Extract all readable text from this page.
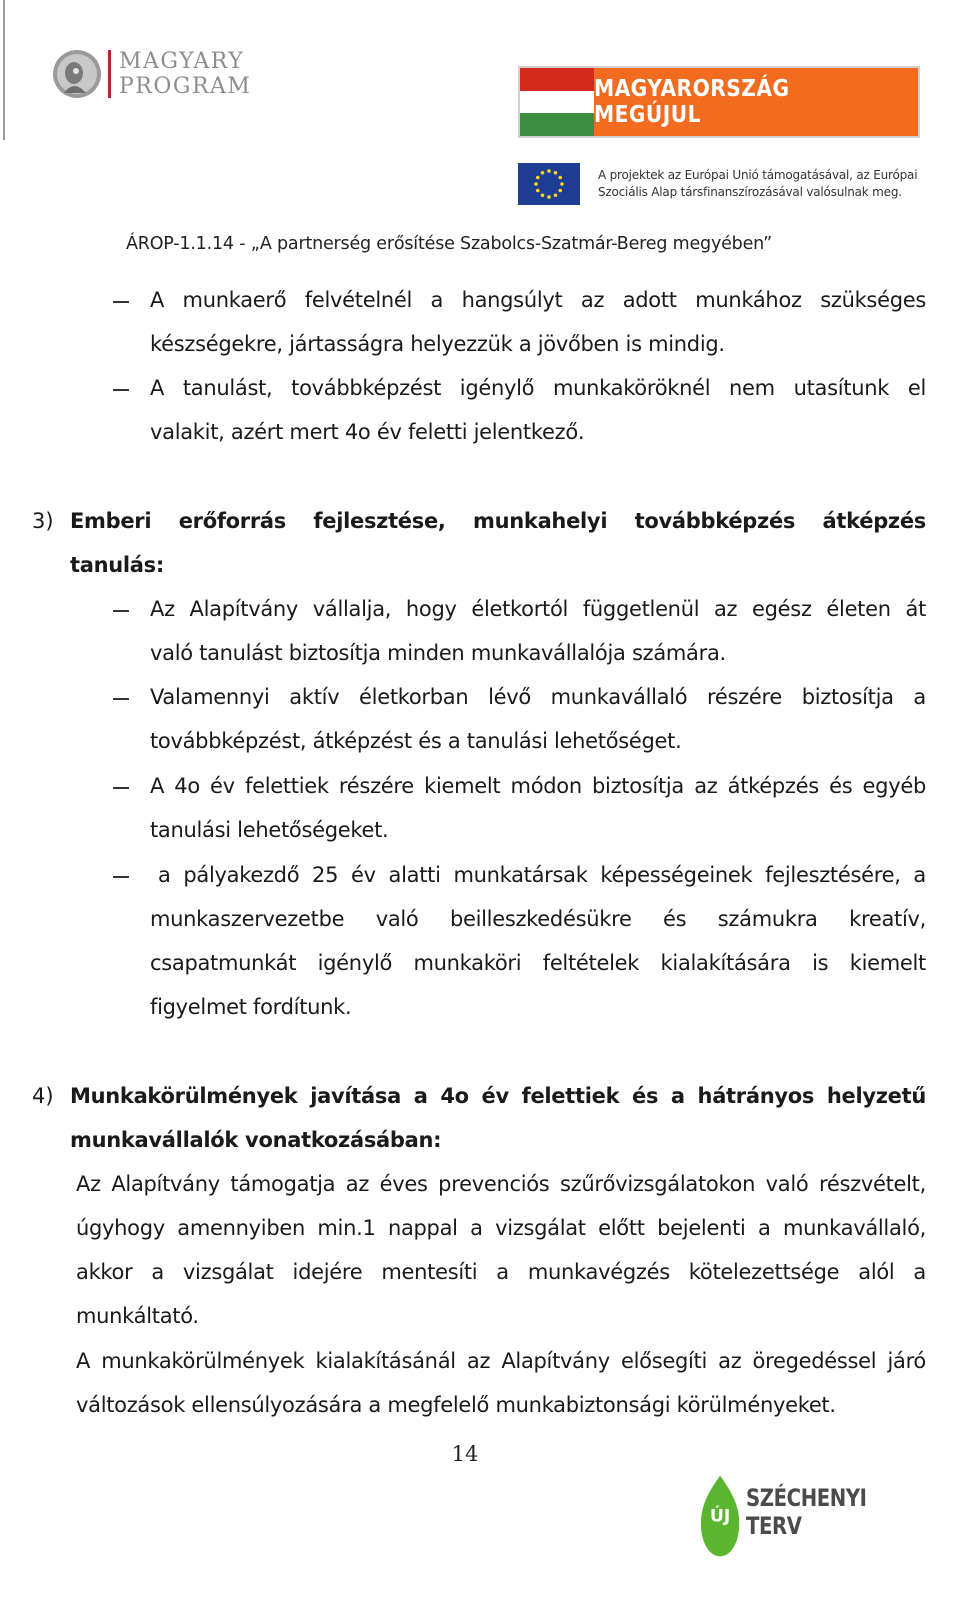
MAGYARY
PROGRAM	MAGYARORSZÁG MEGÚJUL
A projektek az Európai Unió támogatásával, az Európai
Szociális Alap társfinanszírozásával valósulnak meg.
ÁROP-1.1.14 - „A partnerség erősítése Szabolcs-Szatmár-Bereg megyében”
A munkaerő felvételnél a hangsúlyt az adott munkához szükséges
készségekre, jártasságra helyezzük a jövőben is mindig.
A tanulást, továbbképzést igénylő munkaköröknél nem utasítunk el
valakit, azért mert 4o év feletti jelentkező.
3) Emberi erőforrás fejlesztése, munkahelyi továbbképzés átképzés
tanulás:
Az Alapítvány vállalja, hogy életkortól függetlenül az egész életen át
való tanulást biztosítja minden munkavállalója számára.
Valamennyi aktív életkorban lévő munkavállaló részére biztosítja a
továbbképzést, átképzést és a tanulási lehetőséget.
A 4o év felettiek részére kiemelt módon biztosítja az átképzés és egyéb
tanulási lehetőségeket.
a pályakezdő 25 év alatti munkatársak képességeinek fejlesztésére, a
munkaszervezetbe való beilleszkedésükre és számukra kreatív,
csapatmunkát igénylő munkaköri feltételek kialakítására is kiemelt
figyelmet fordítunk.
4) Munkakörülmények javítása a 4o év felettiek és a hátrányos helyzetű
munkavállalók vonatkozásában:
Az Alapítvány támogatja az éves prevenciós szűrővizsgálatokon való részvételt,
úgyhogy amennyiben min.1 nappal a vizsgálat előtt bejelenti a munkavállaló,
akkor a vizsgálat idejére mentesíti a munkavégzés kötelezettsége alól a
munkáltató.
A munkakörülmények kialakításánál az Alapítvány elősegíti az öregedéssel járó
változások ellensúlyozására a megfelelő munkabiztonsági körülményeket.
14
ÚJ
SZÉCHENYI TERV
